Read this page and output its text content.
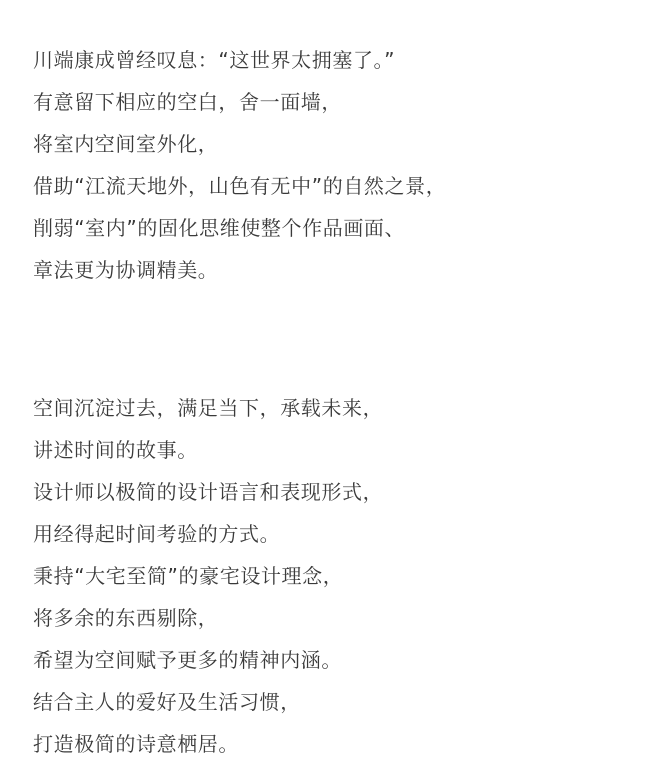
川端康成曾经叹息：“这世界太拥塞了。”
有意留下相应的空白，舍一面墙，
将室内空间室外化，
借助“江流天地外，山色有无中”的自然之景，
削弱“室内”的固化思维使整个作品画面、
章法更为协调精美。
空间沉淀过去，满足当下，承载未来，
讲述时间的故事。
设计师以极简的设计语言和表现形式，
用经得起时间考验的方式。
秉持“大宅至简”的豪宅设计理念，
将多余的东西剔除，
希望为空间赋予更多的精神内涵。
结合主人的爱好及生活习惯，
打造极简的诗意栖居。
